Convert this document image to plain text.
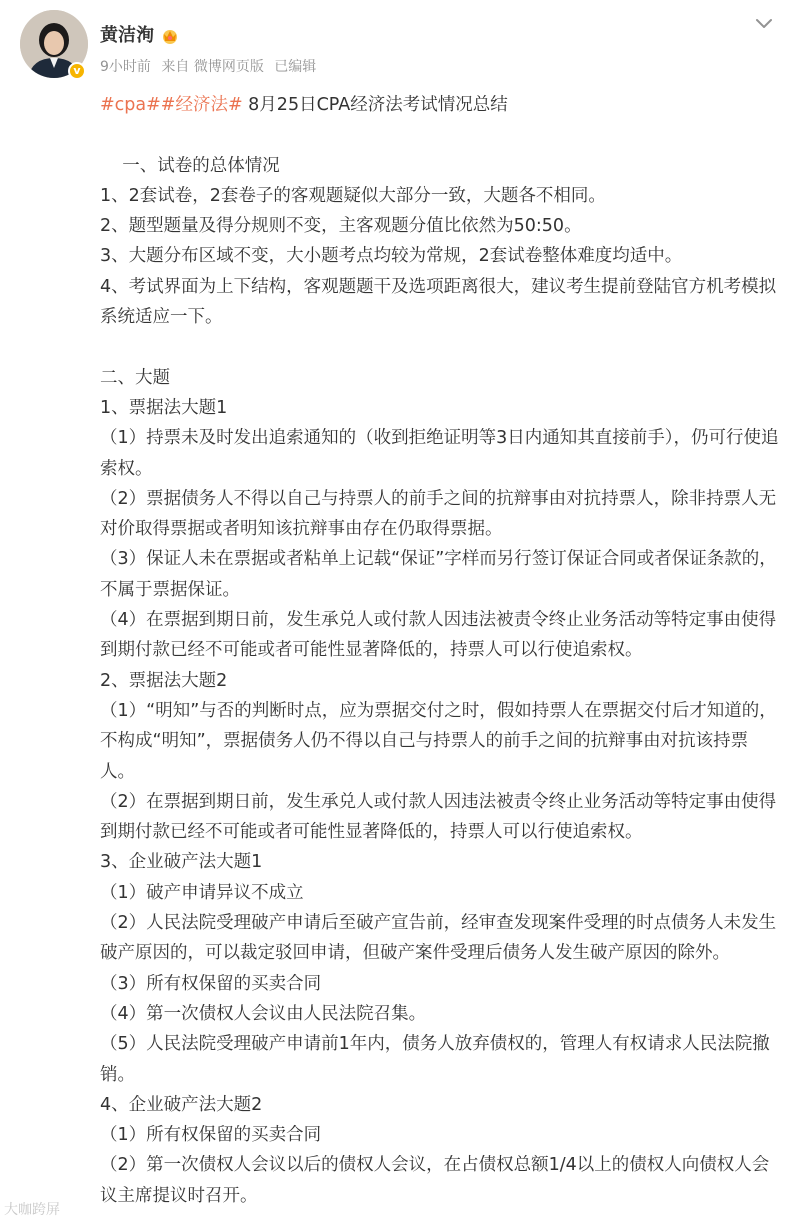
v
黄洁洵
9小时前 来自 微博网页版 已编辑

#cpa##经济法# 8月25日CPA经济法考试情况总结

一、试卷的总体情况

1、2套试卷，2套卷子的客观题疑似大部分一致，大题各不相同。

2、题型题量及得分规则不变，主客观题分值比依然为50:50。

3、大题分布区域不变，大小题考点均较为常规，2套试卷整体难度均适中。

4、考试界面为上下结构，客观题题干及选项距离很大，建议考生提前登陆官方机考模拟系统适应一下。

二、大题

1、票据法大题1

（1）持票未及时发出追索通知的（收到拒绝证明等3日内通知其直接前手），仍可行使追索权。

（2）票据债务人不得以自己与持票人的前手之间的抗辩事由对抗持票人，除非持票人无对价取得票据或者明知该抗辩事由存在仍取得票据。

（3）保证人未在票据或者粘单上记载“保证”字样而另行签订保证合同或者保证条款的，不属于票据保证。

（4）在票据到期日前，发生承兑人或付款人因违法被责令终止业务活动等特定事由使得到期付款已经不可能或者可能性显著降低的，持票人可以行使追索权。

2、票据法大题2

（1）“明知”与否的判断时点，应为票据交付之时，假如持票人在票据交付后才知道的，不构成“明知”，票据债务人仍不得以自己与持票人的前手之间的抗辩事由对抗该持票人。

（2）在票据到期日前，发生承兑人或付款人因违法被责令终止业务活动等特定事由使得到期付款已经不可能或者可能性显著降低的，持票人可以行使追索权。

3、企业破产法大题1

（1）破产申请异议不成立

（2）人民法院受理破产申请后至破产宣告前，经审查发现案件受理的时点债务人未发生破产原因的，可以裁定驳回申请，但破产案件受理后债务人发生破产原因的除外。

（3）所有权保留的买卖合同

（4）第一次债权人会议由人民法院召集。

（5）人民法院受理破产申请前1年内，债务人放弃债权的，管理人有权请求人民法院撤销。

4、企业破产法大题2

（1）所有权保留的买卖合同

（2）第一次债权人会议以后的债权人会议，在占债权总额1/4以上的债权人向债权人会议主席提议时召开。

大咖跨屏
